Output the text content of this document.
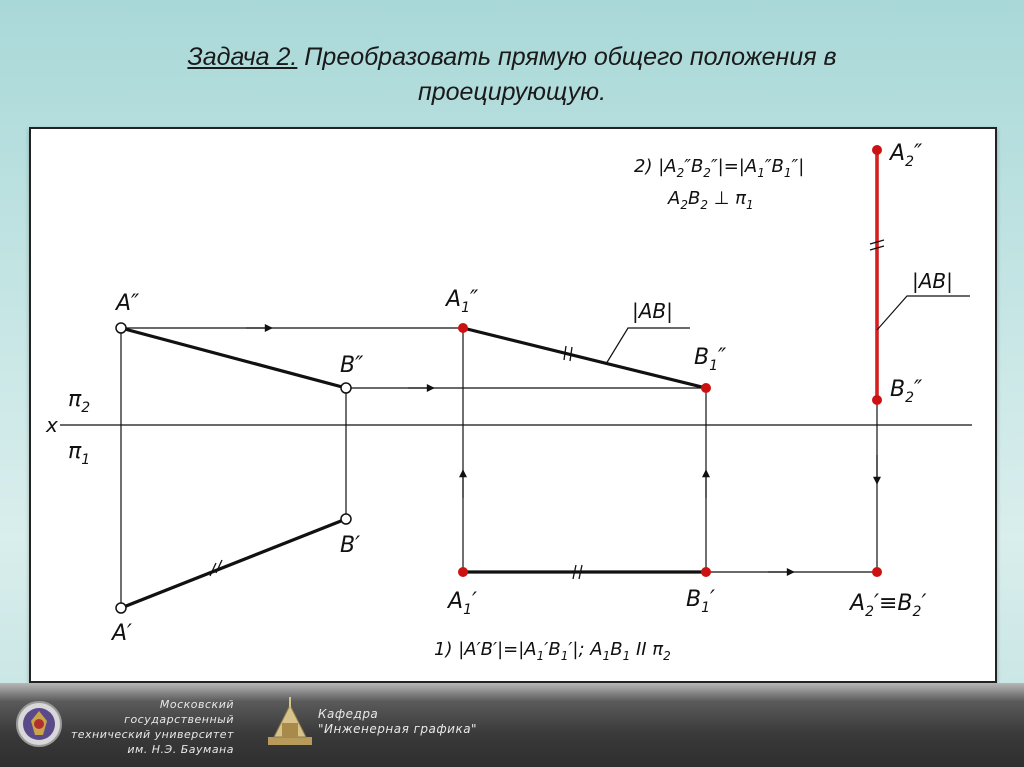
Задача 2. Преобразовать прямую общего положения в
проецирующую.
x
$\pi_2$
$\pi_1$
A″
B″
A′
B′
$A_1''$
$B_1''$
$A_1'$	$B_1'$
$A_2''$
$B_2''$
$A_2'\equiv B_2'$
|AB|
|AB|
1) $|A'B'|=|A_1'B_1'|$; $A_1B_1$ II $\pi_2$
2) $|A_2''B_2''|=|A_1''B_1''|$
$A_2B_2$ ⊥ $\pi_1$
Московский государственный
технический университет
им. Н.Э. Баумана
Кафедра
"Инженерная графика"
